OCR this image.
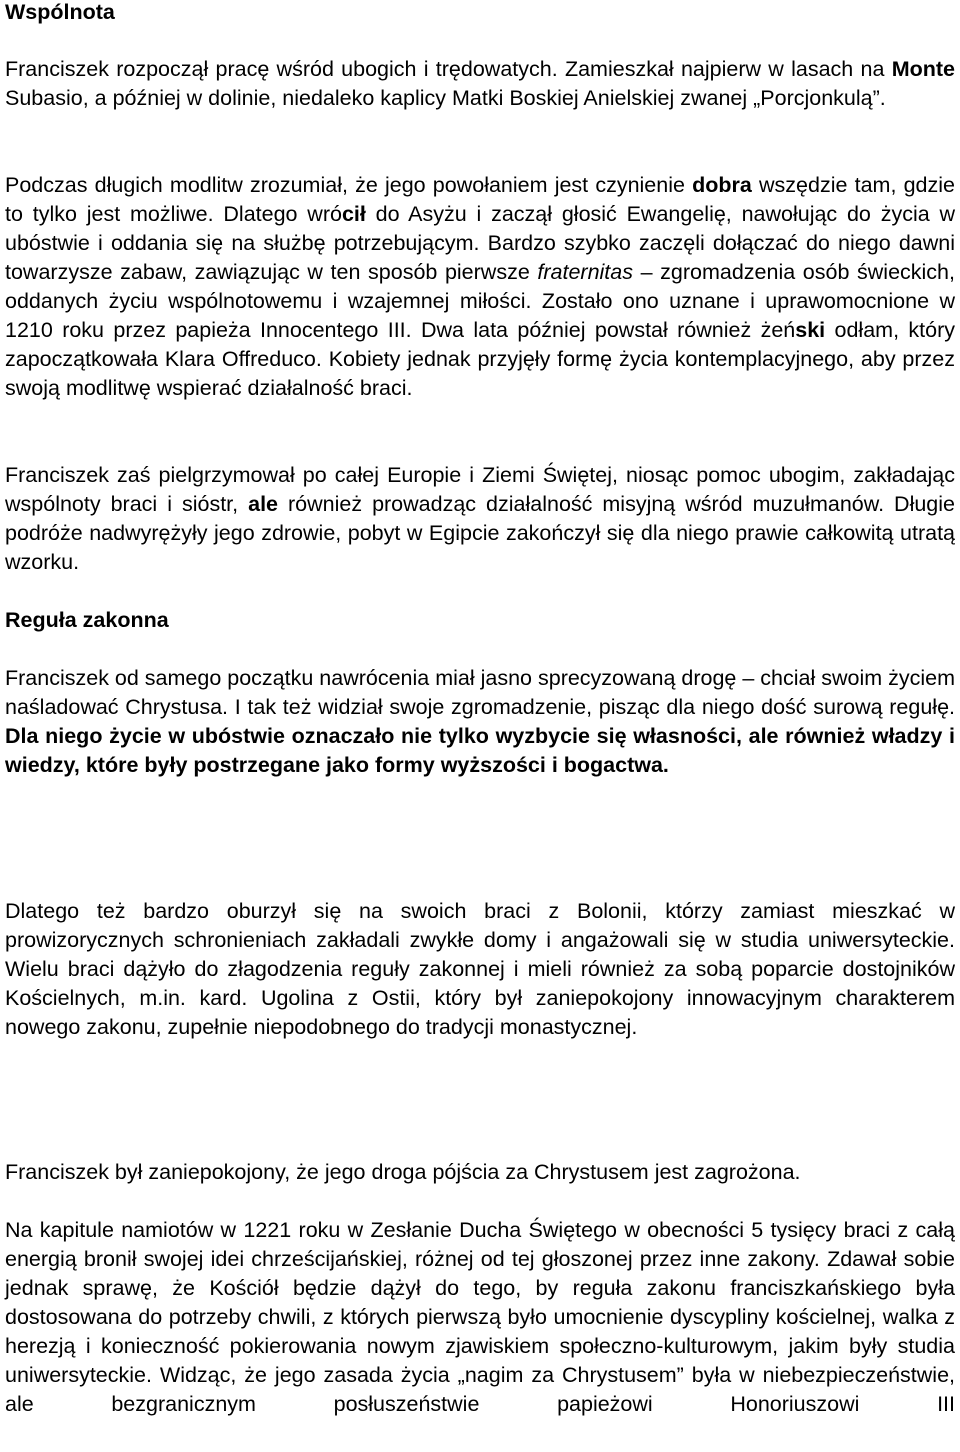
Wspólnota

Franciszek rozpoczął pracę wśród ubogich i trędowatych. Zamieszkał najpierw w lasach na Monte Subasio, a później w dolinie, niedaleko kaplicy Matki Boskiej Anielskiej zwanej „Porcjonkulą”.

Podczas długich modlitw zrozumiał, że jego powołaniem jest czynienie dobra wszędzie tam, gdzie to tylko jest możliwe. Dlatego wrócił do Asyżu i zaczął głosić Ewangelię, nawołując do życia w ubóstwie i oddania się na służbę potrzebującym. Bardzo szybko zaczęli dołączać do niego dawni towarzysze zabaw, zawiązując w ten sposób pierwsze fraternitas – zgromadzenia osób świeckich, oddanych życiu wspólnotowemu i wzajemnej miłości. Zostało ono uznane i uprawomocnione w 1210 roku przez papieża Innocentego III. Dwa lata później powstał również żeński odłam, który zapoczątkowała Klara Offreduco. Kobiety jednak przyjęły formę życia kontemplacyjnego, aby przez swoją modlitwę wspierać działalność braci.

Franciszek zaś pielgrzymował po całej Europie i Ziemi Świętej, niosąc pomoc ubogim, zakładając wspólnoty braci i sióstr, ale również prowadząc działalność misyjną wśród muzułmanów. Długie podróże nadwyrężyły jego zdrowie, pobyt w Egipcie zakończył się dla niego prawie całkowitą utratą wzorku.

Reguła zakonna

Franciszek od samego początku nawrócenia miał jasno sprecyzowaną drogę – chciał swoim życiem naśladować Chrystusa. I tak też widział swoje zgromadzenie, pisząc dla niego dość surową regułę. Dla niego życie w ubóstwie oznaczało nie tylko wyzbycie się własności, ale również władzy i wiedzy, które były postrzegane jako formy wyższości i bogactwa.

Dlatego też bardzo oburzył się na swoich braci z Bolonii, którzy zamiast mieszkać w prowizorycznych schronieniach zakładali zwykłe domy i angażowali się w studia uniwersyteckie. Wielu braci dążyło do złagodzenia reguły zakonnej i mieli również za sobą poparcie dostojników Kościelnych, m.in. kard. Ugolina z Ostii, który był zaniepokojony innowacyjnym charakterem nowego zakonu, zupełnie niepodobnego do tradycji monastycznej.

Franciszek był zaniepokojony, że jego droga pójścia za Chrystusem jest zagrożona.

Na kapitule namiotów w 1221 roku w Zesłanie Ducha Świętego w obecności 5 tysięcy braci z całą energią bronił swojej idei chrześcijańskiej, różnej od tej głoszonej przez inne zakony. Zdawał sobie jednak sprawę, że Kościół będzie dążył do tego, by reguła zakonu franciszkańskiego była dostosowana do potrzeby chwili, z których pierwszą było umocnienie dyscypliny kościelnej, walka z herezją i konieczność pokierowania nowym zjawiskiem społeczno-kulturowym, jakim były studia uniwersyteckie. Widząc, że jego zasada życia „nagim za Chrystusem” była w niebezpieczeństwie, ale bezgranicznym posłuszeństwie papieżowi Honoriuszowi III
